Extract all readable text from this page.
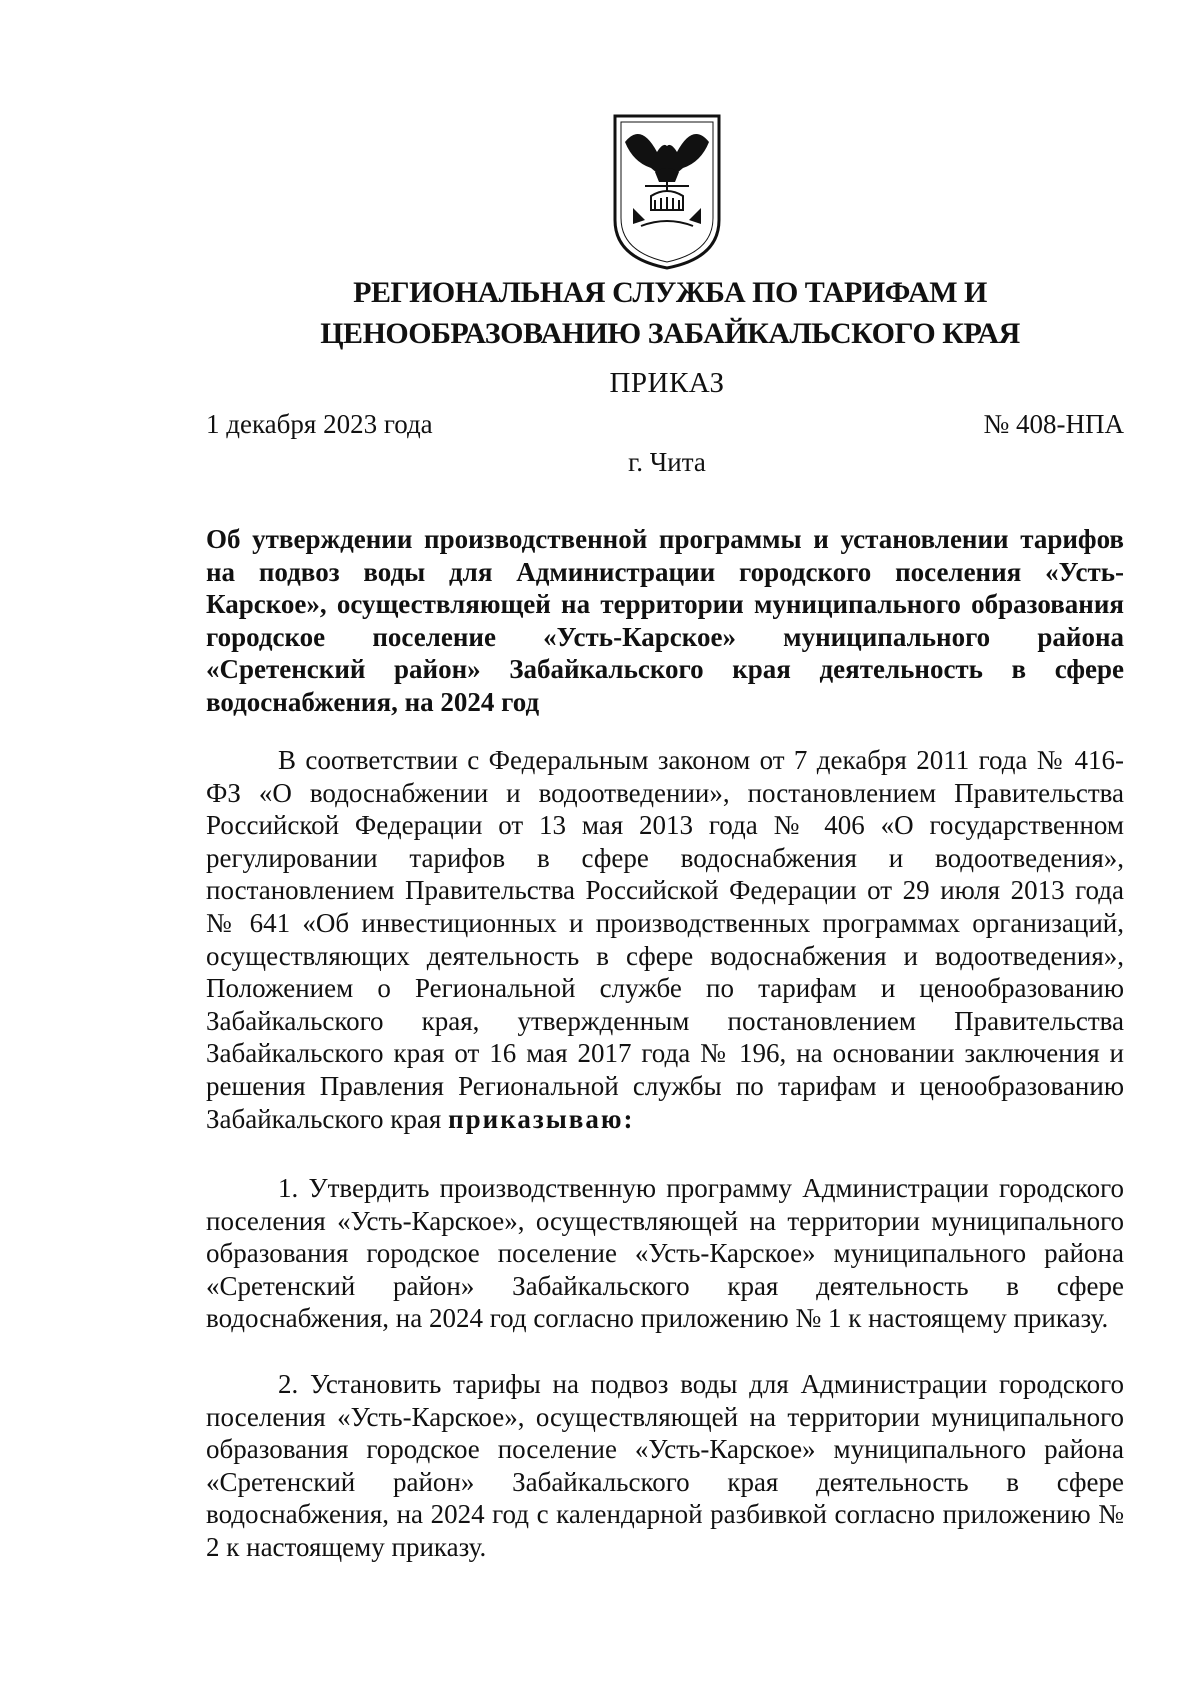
РЕГИОНАЛЬНАЯ СЛУЖБА ПО ТАРИФАМ И
ЦЕНООБРАЗОВАНИЮ ЗАБАЙКАЛЬСКОГО КРАЯ
ПРИКАЗ
1 декабря 2023 года	№ 408-НПА
г. Чита

Об утверждении производственной программы и установлении тарифов на подвоз воды для Администрации городского поселения «Усть-Карское», осуществляющей на территории муниципального образования городское поселение «Усть-Карское» муниципального района «Сретенский район» Забайкальского края деятельность в сфере водоснабжения, на 2024 год

В соответствии с Федеральным законом от 7 декабря 2011 года № 416-ФЗ «О водоснабжении и водоотведении», постановлением Правительства Российской Федерации от 13 мая 2013 года № 406 «О государственном регулировании тарифов в сфере водоснабжения и водоотведения», постановлением Правительства Российской Федерации от 29 июля 2013 года № 641 «Об инвестиционных и производственных программах организаций, осуществляющих деятельность в сфере водоснабжения и водоотведения», Положением о Региональной службе по тарифам и ценообразованию Забайкальского края, утвержденным постановлением Правительства Забайкальского края от 16 мая 2017 года № 196, на основании заключения и решения Правления Региональной службы по тарифам и ценообразованию Забайкальского края приказываю:

1. Утвердить производственную программу Администрации городского поселения «Усть-Карское», осуществляющей на территории муниципального образования городское поселение «Усть-Карское» муниципального района «Сретенский район» Забайкальского края деятельность в сфере водоснабжения, на 2024 год согласно приложению № 1 к настоящему приказу.

2. Установить тарифы на подвоз воды для Администрации городского поселения «Усть-Карское», осуществляющей на территории муниципального образования городское поселение «Усть-Карское» муниципального района «Сретенский район» Забайкальского края деятельность в сфере водоснабжения, на 2024 год с календарной разбивкой согласно приложению № 2 к настоящему приказу.
